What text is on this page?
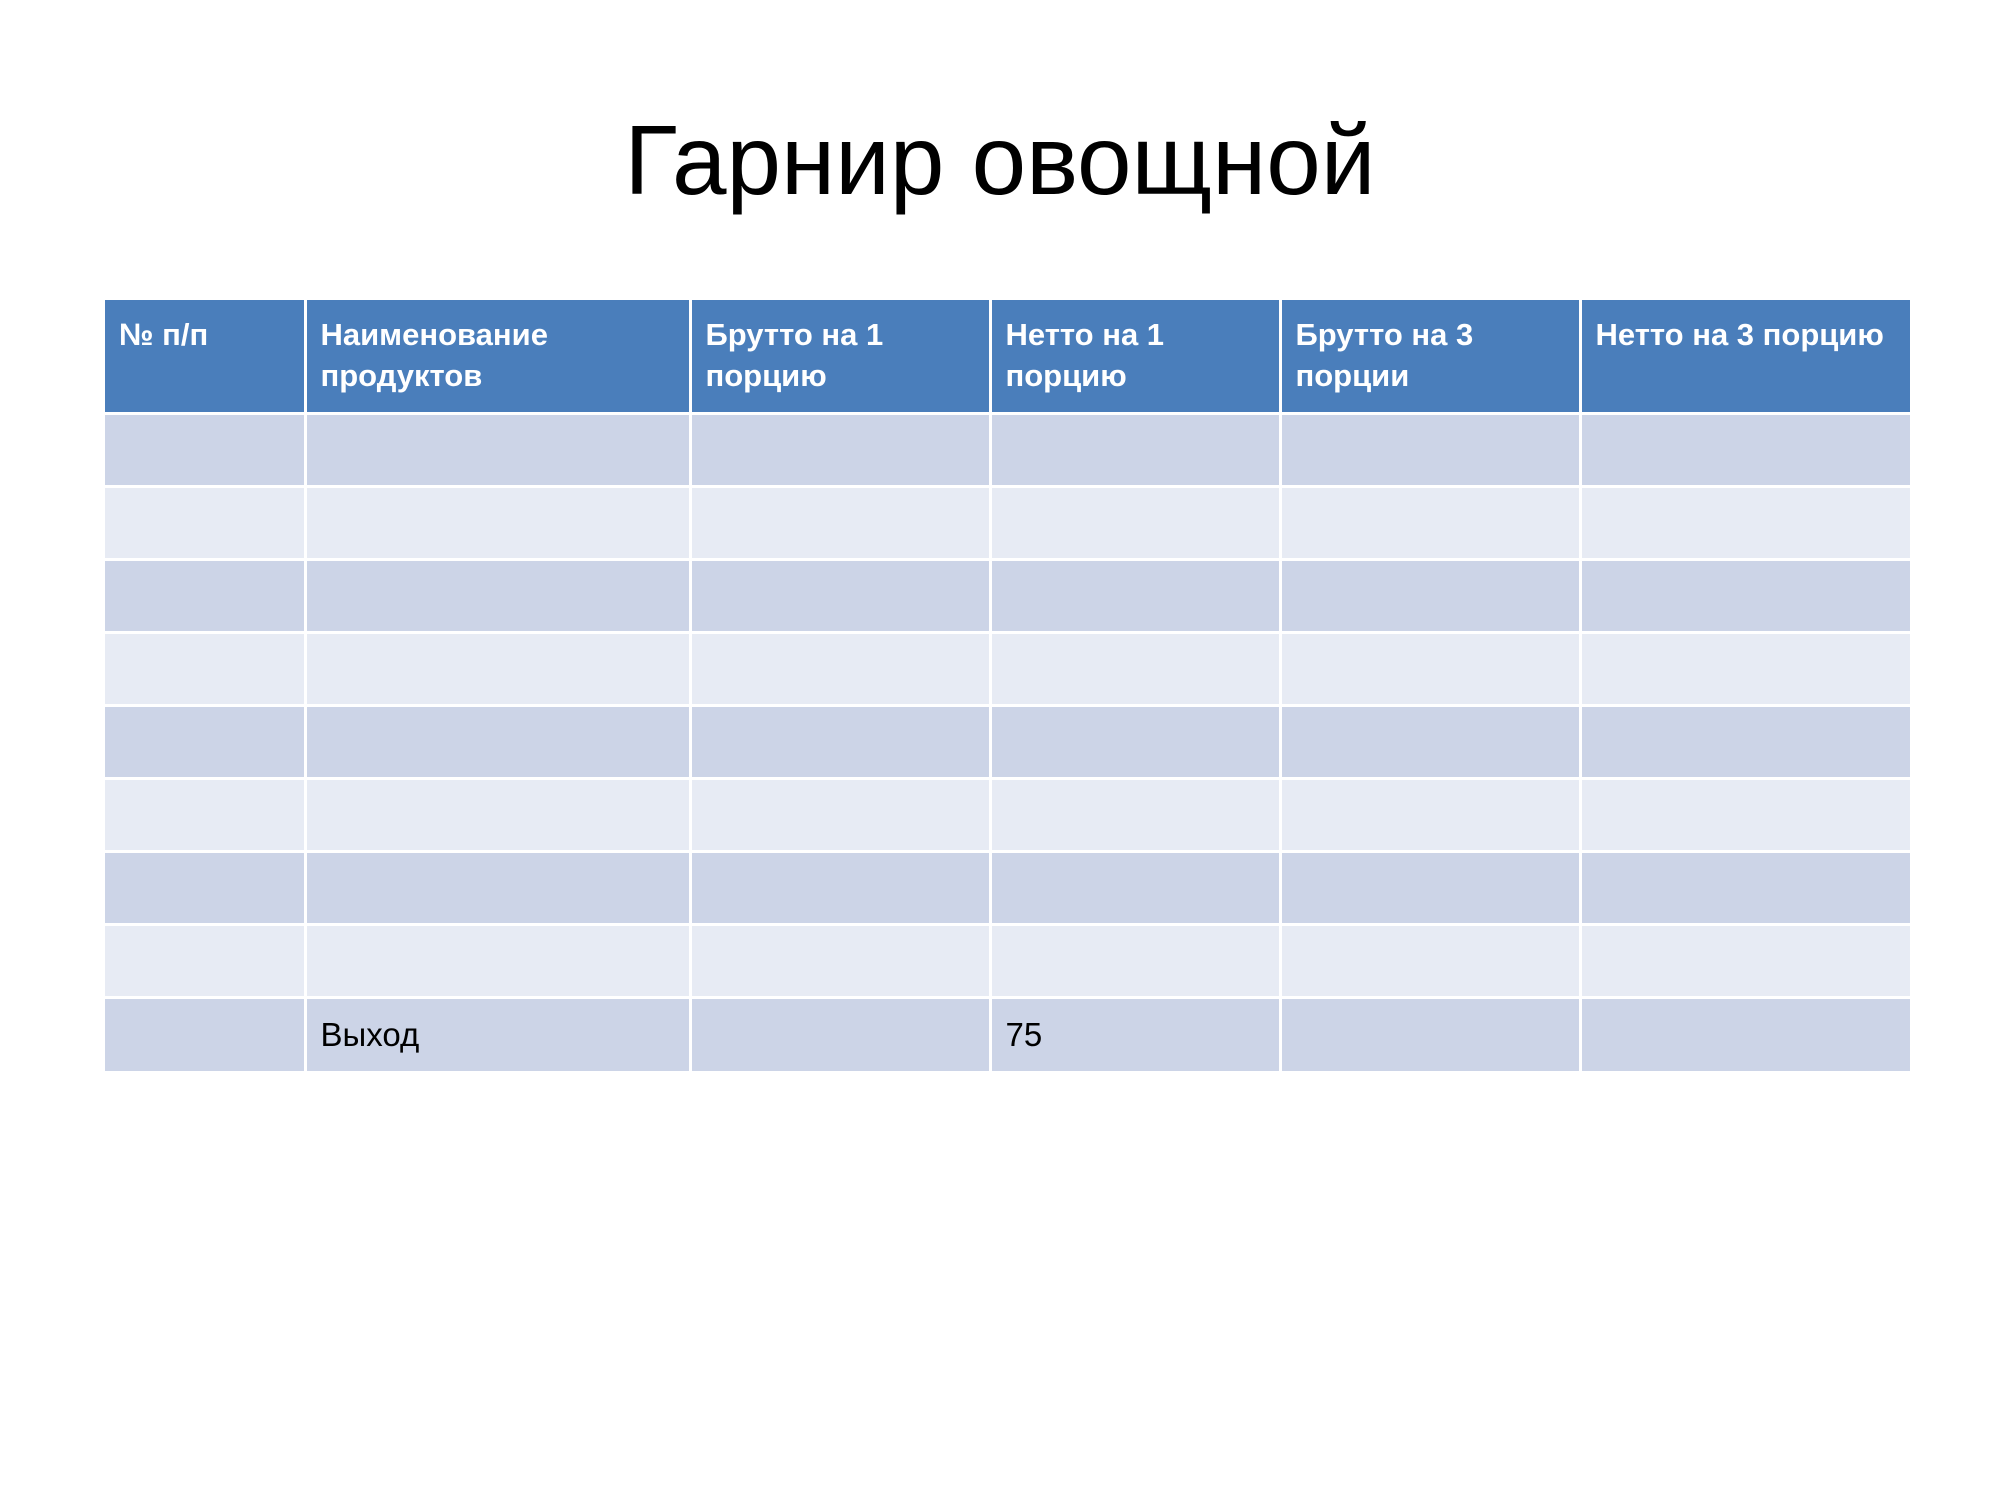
Гарнир овощной
№ п/п	Наименование продуктов	Брутто на 1 порцию	Нетто на 1 порцию	Брутто на 3 порции	Нетто на 3 порцию

	Выход		75		
